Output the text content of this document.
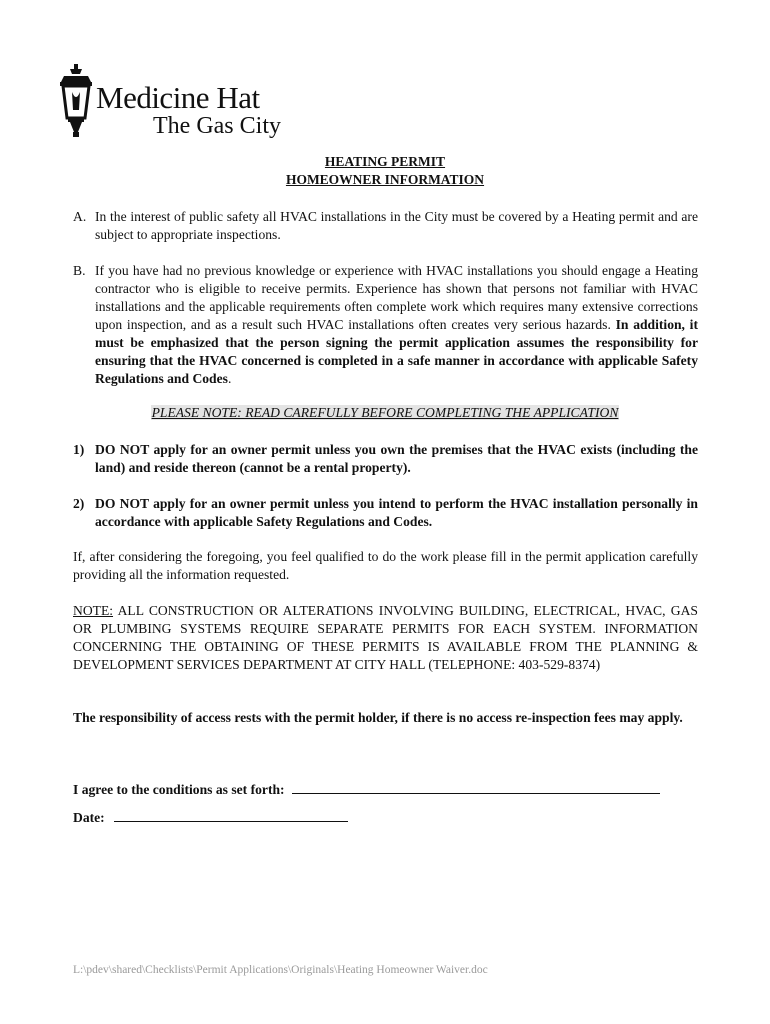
Medicine Hat
The Gas City
HEATING PERMIT
HOMEOWNER INFORMATION
A. In the interest of public safety all HVAC installations in the City must be covered by a Heating permit and are subject to appropriate inspections.
B. If you have had no previous knowledge or experience with HVAC installations you should engage a Heating contractor who is eligible to receive permits. Experience has shown that persons not familiar with HVAC installations and the applicable requirements often complete work which requires many extensive corrections upon inspection, and as a result such HVAC installations often creates very serious hazards. In addition, it must be emphasized that the person signing the permit application assumes the responsibility for ensuring that the HVAC concerned is completed in a safe manner in accordance with applicable Safety Regulations and Codes.
PLEASE NOTE: READ CAREFULLY BEFORE COMPLETING THE APPLICATION
1) DO NOT apply for an owner permit unless you own the premises that the HVAC exists (including the land) and reside thereon (cannot be a rental property).
2) DO NOT apply for an owner permit unless you intend to perform the HVAC installation personally in accordance with applicable Safety Regulations and Codes.
If, after considering the foregoing, you feel qualified to do the work please fill in the permit application carefully providing all the information requested.
NOTE: ALL CONSTRUCTION OR ALTERATIONS INVOLVING BUILDING, ELECTRICAL, HVAC, GAS OR PLUMBING SYSTEMS REQUIRE SEPARATE PERMITS FOR EACH SYSTEM. INFORMATION CONCERNING THE OBTAINING OF THESE PERMITS IS AVAILABLE FROM THE PLANNING & DEVELOPMENT SERVICES DEPARTMENT AT CITY HALL (TELEPHONE: 403-529-8374)
The responsibility of access rests with the permit holder, if there is no access re-inspection fees may apply.
I agree to the conditions as set forth:
Date:
L:\pdev\shared\Checklists\Permit Applications\Originals\Heating Homeowner Waiver.doc
